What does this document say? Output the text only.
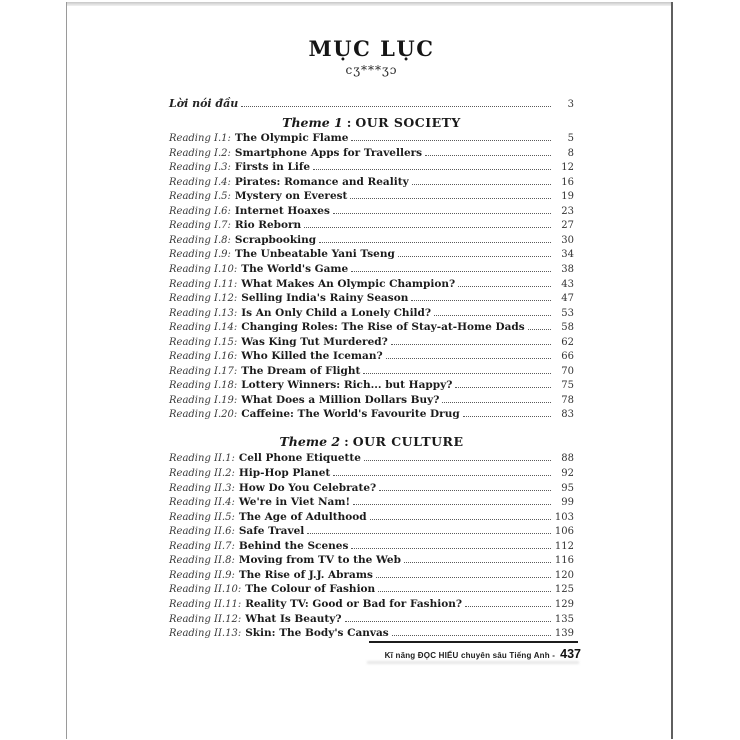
MỤC LỤC
cʒ***ʒɔ
Lời nói đầu	3
Theme 1 : OUR SOCIETY
Reading I.1: The Olympic Flame	5
Reading I.2: Smartphone Apps for Travellers	8
Reading I.3: Firsts in Life	12
Reading I.4: Pirates: Romance and Reality	16
Reading I.5: Mystery on Everest	19
Reading I.6: Internet Hoaxes	23
Reading I.7: Rio Reborn	27
Reading I.8: Scrapbooking	30
Reading I.9: The Unbeatable Yani Tseng	34
Reading I.10: The World's Game	38
Reading I.11: What Makes An Olympic Champion?	43
Reading I.12: Selling India's Rainy Season	47
Reading I.13: Is An Only Child a Lonely Child?	53
Reading I.14: Changing Roles: The Rise of Stay-at-Home Dads	58
Reading I.15: Was King Tut Murdered?	62
Reading I.16: Who Killed the Iceman?	66
Reading I.17: The Dream of Flight	70
Reading I.18: Lottery Winners: Rich... but Happy?	75
Reading I.19: What Does a Million Dollars Buy?	78
Reading I.20: Caffeine: The World's Favourite Drug	83
Theme 2 : OUR CULTURE
Reading II.1: Cell Phone Etiquette	88
Reading II.2: Hip-Hop Planet	92
Reading II.3: How Do You Celebrate?	95
Reading II.4: We're in Viet Nam!	99
Reading II.5: The Age of Adulthood	103
Reading II.6: Safe Travel	106
Reading II.7: Behind the Scenes	112
Reading II.8: Moving from TV to the Web	116
Reading II.9: The Rise of J.J. Abrams	120
Reading II.10: The Colour of Fashion	125
Reading II.11: Reality TV: Good or Bad for Fashion?	129
Reading II.12: What Is Beauty?	135
Reading II.13: Skin: The Body's Canvas	139
Kĩ năng ĐỌC HIỂU chuyên sâu Tiếng Anh - 437
